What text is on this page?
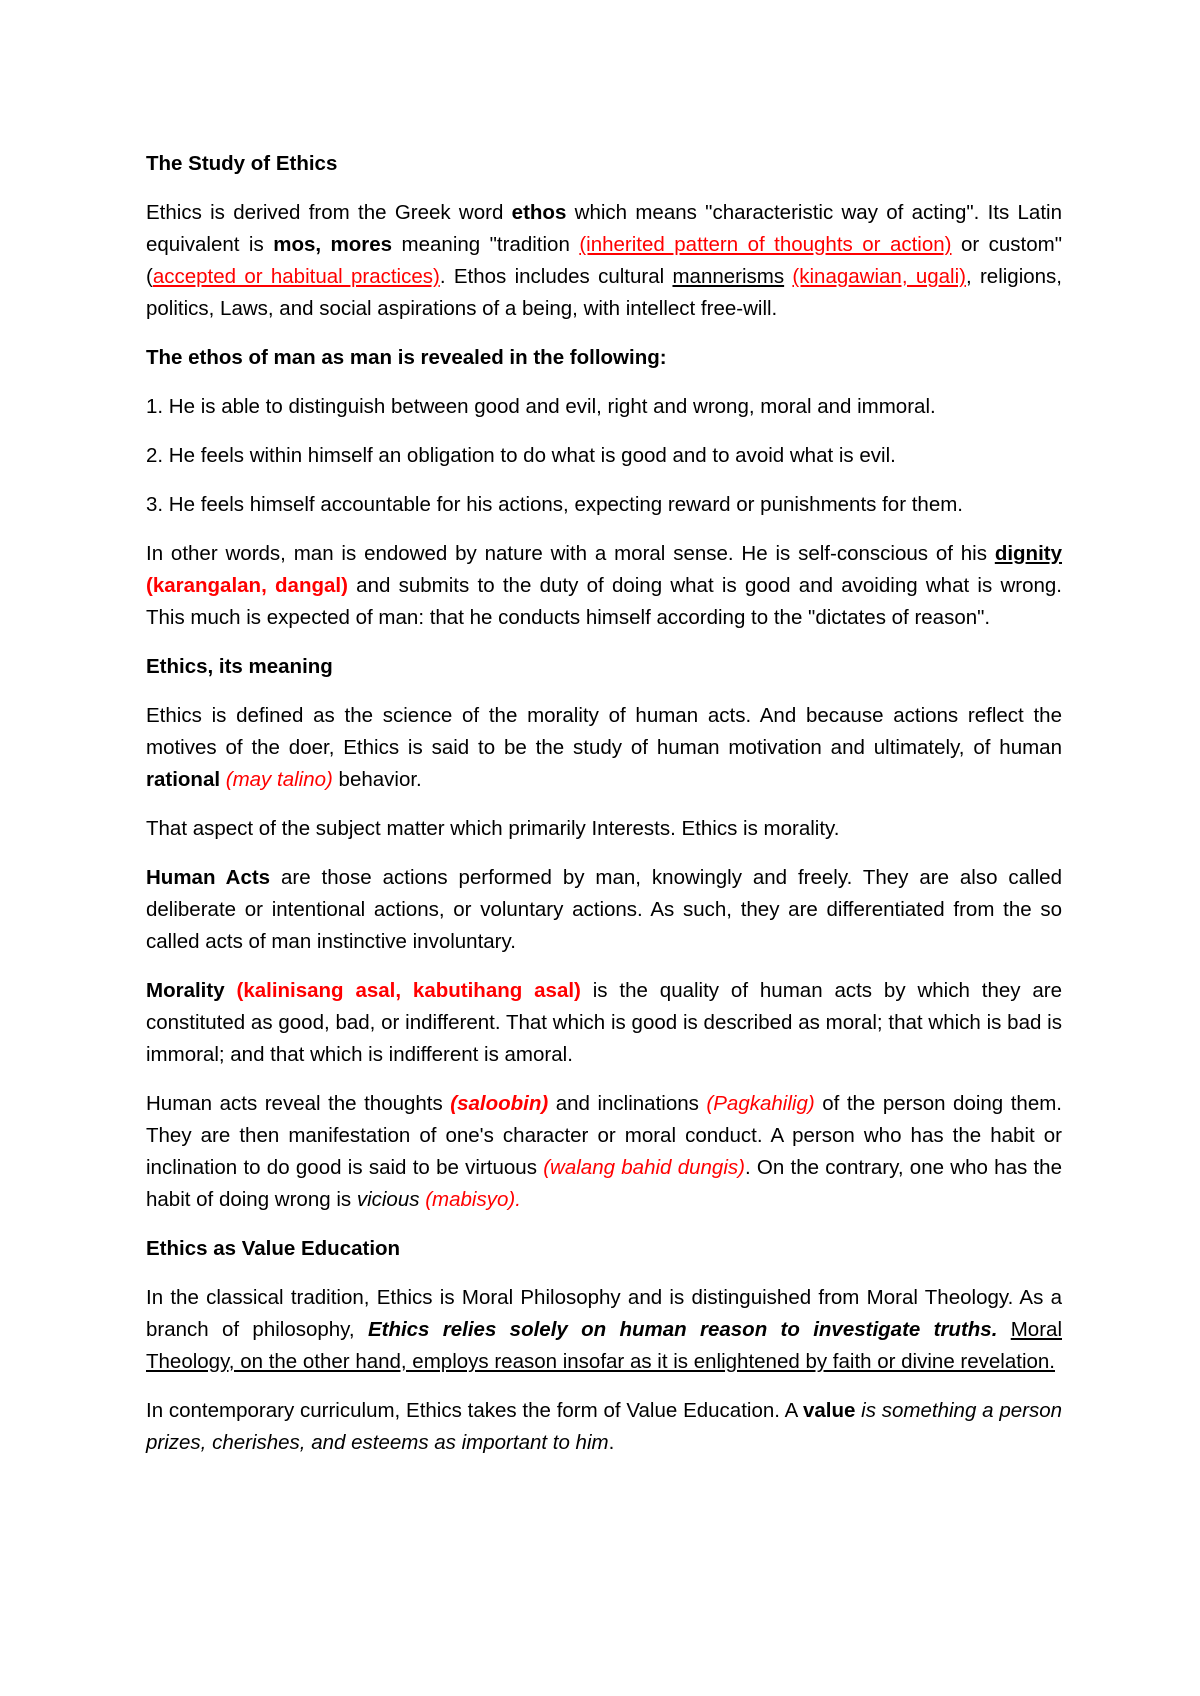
The Study of Ethics

Ethics is derived from the Greek word ethos which means "characteristic way of acting". Its Latin equivalent is mos, mores meaning "tradition (inherited pattern of thoughts or action) or custom" (accepted or habitual practices). Ethos includes cultural mannerisms (kinagawian, ugali), religions, politics, Laws, and social aspirations of a being, with intellect free-will.

The ethos of man as man is revealed in the following:

1. He is able to distinguish between good and evil, right and wrong, moral and immoral.

2. He feels within himself an obligation to do what is good and to avoid what is evil.

3. He feels himself accountable for his actions, expecting reward or punishments for them.

In other words, man is endowed by nature with a moral sense. He is self-conscious of his dignity (karangalan, dangal) and submits to the duty of doing what is good and avoiding what is wrong. This much is expected of man: that he conducts himself according to the "dictates of reason".

Ethics, its meaning

Ethics is defined as the science of the morality of human acts. And because actions reflect the motives of the doer, Ethics is said to be the study of human motivation and ultimately, of human rational (may talino) behavior.

That aspect of the subject matter which primarily Interests. Ethics is morality.

Human Acts are those actions performed by man, knowingly and freely. They are also called deliberate or intentional actions, or voluntary actions. As such, they are differentiated from the so called acts of man instinctive involuntary.

Morality (kalinisang asal, kabutihang asal) is the quality of human acts by which they are constituted as good, bad, or indifferent. That which is good is described as moral; that which is bad is immoral; and that which is indifferent is amoral.

Human acts reveal the thoughts (saloobin) and inclinations (Pagkahilig) of the person doing them. They are then manifestation of one's character or moral conduct. A person who has the habit or inclination to do good is said to be virtuous (walang bahid dungis). On the contrary, one who has the habit of doing wrong is vicious (mabisyo).

Ethics as Value Education

In the classical tradition, Ethics is Moral Philosophy and is distinguished from Moral Theology. As a branch of philosophy, Ethics relies solely on human reason to investigate truths. Moral Theology, on the other hand, employs reason insofar as it is enlightened by faith or divine revelation.

In contemporary curriculum, Ethics takes the form of Value Education. A value is something a person prizes, cherishes, and esteems as important to him.
